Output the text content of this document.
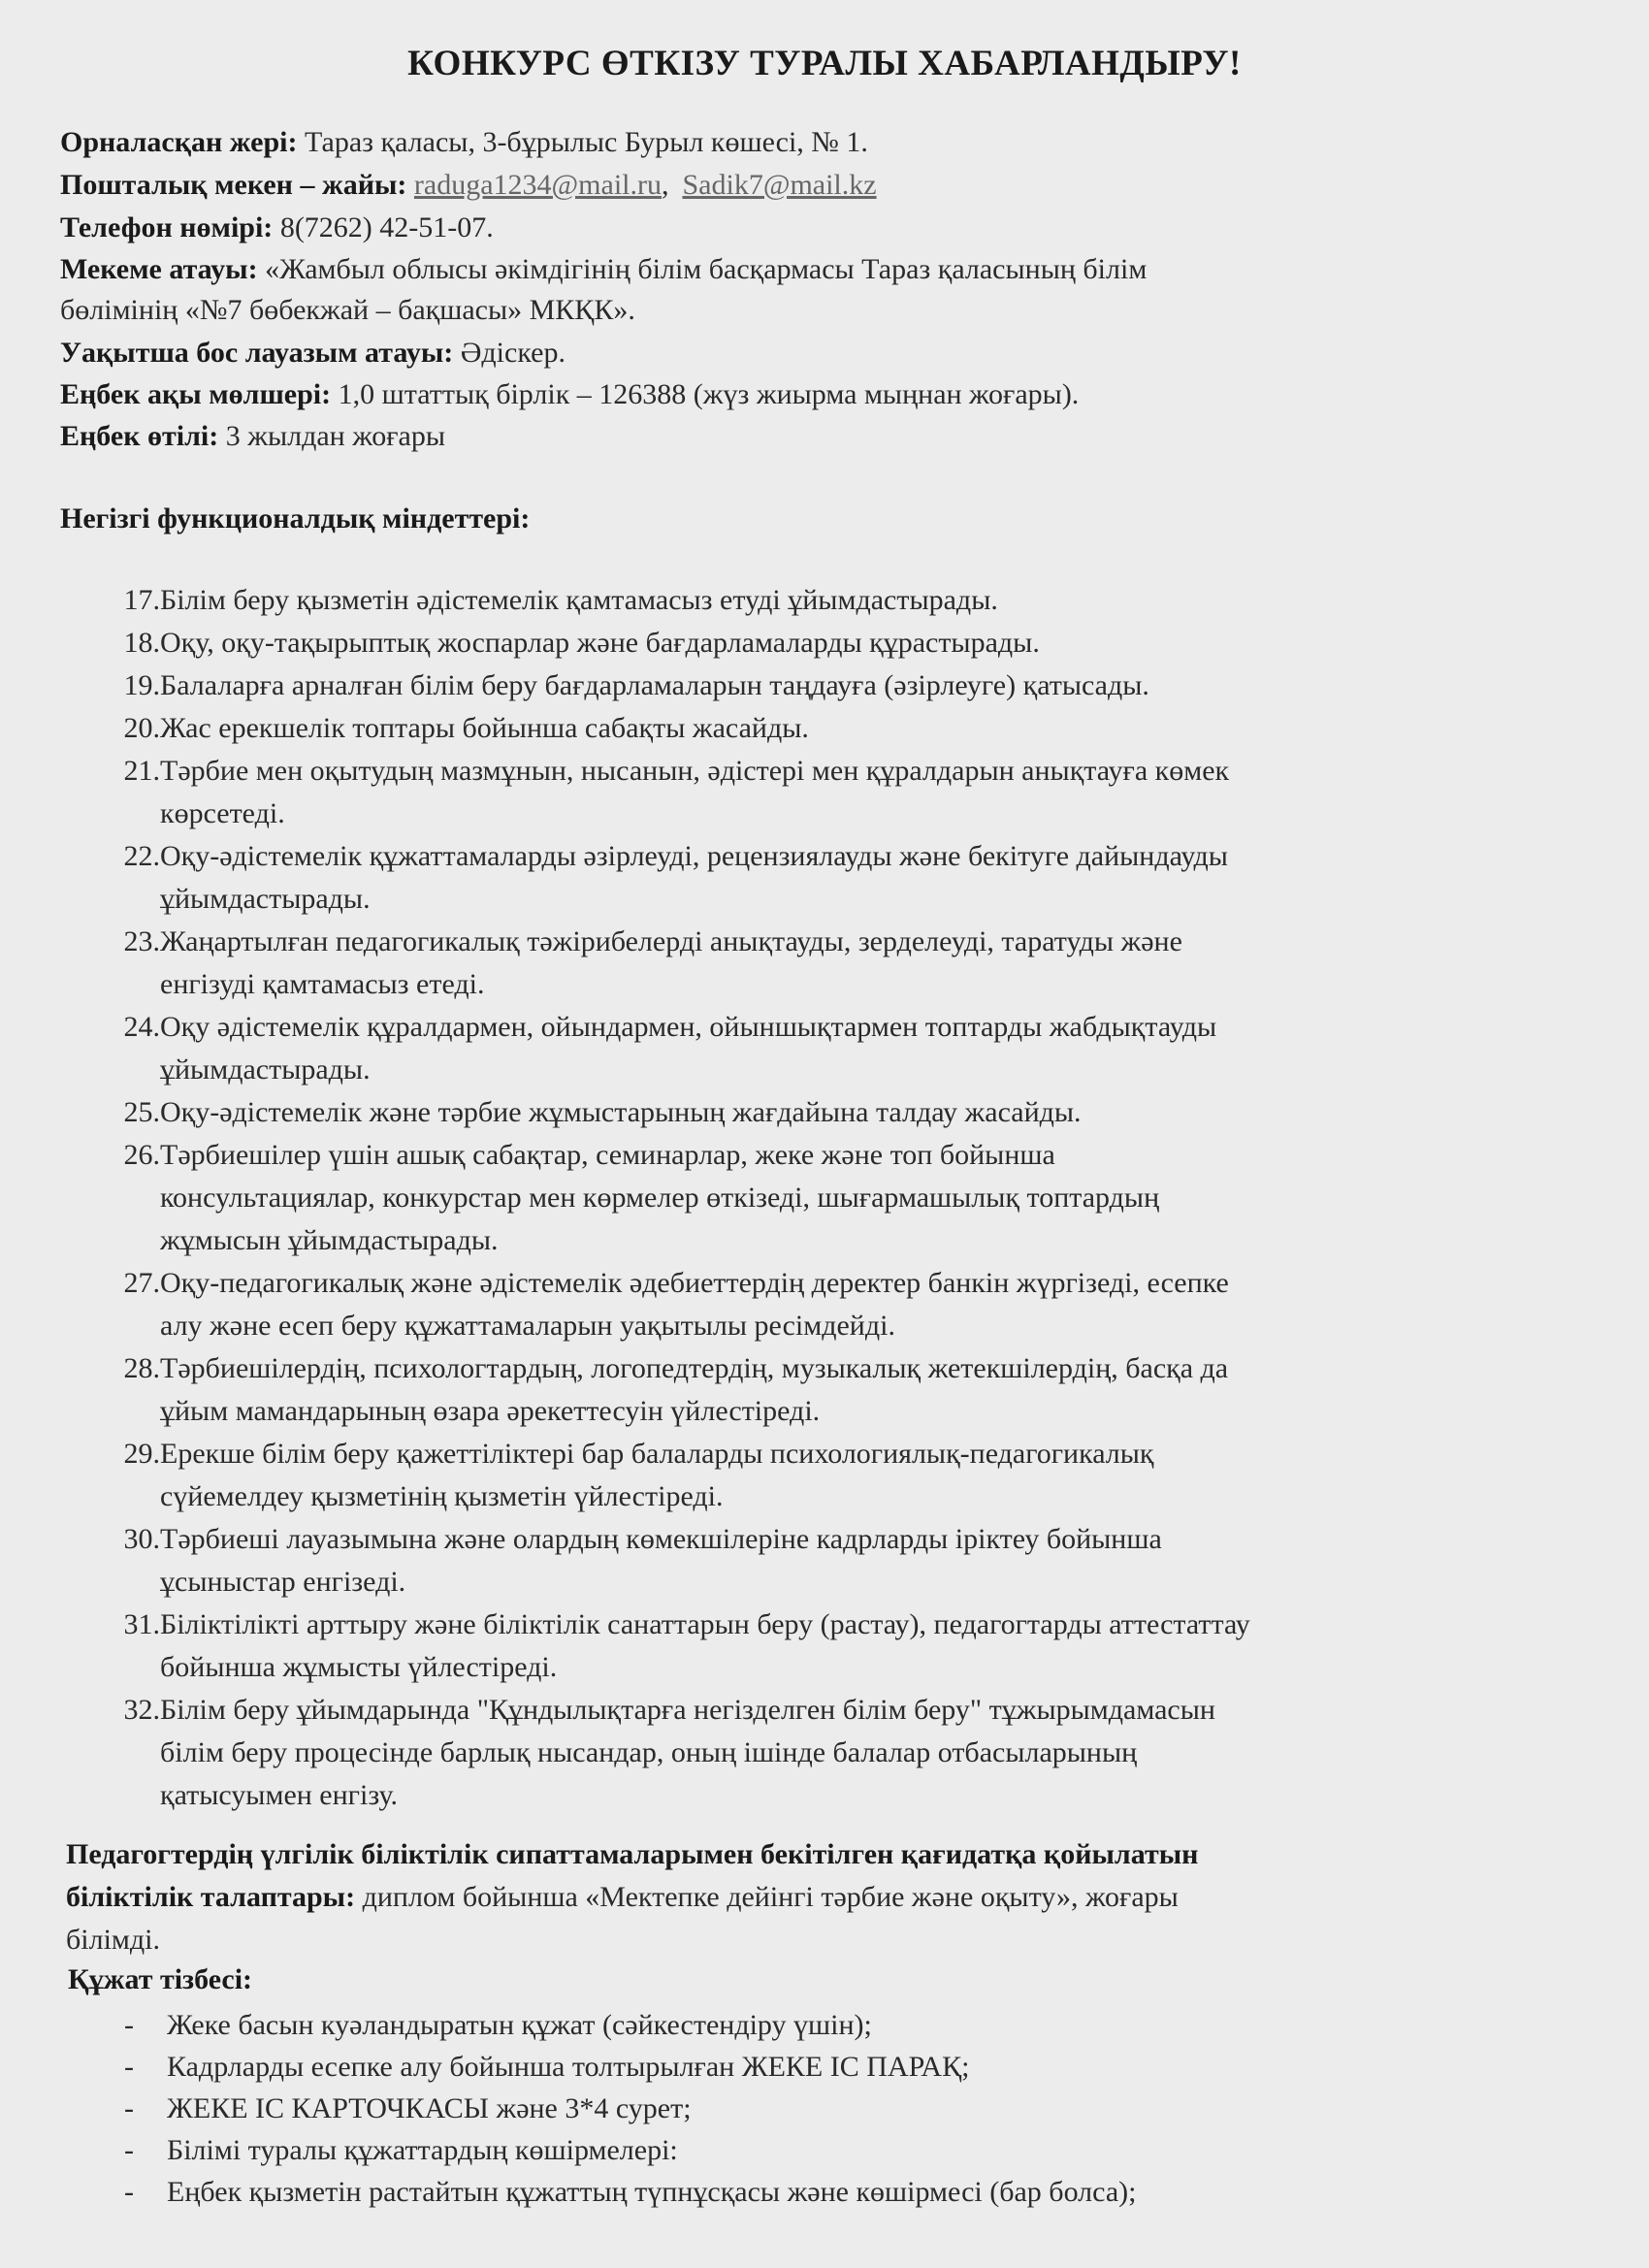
КОНКУРС ӨТКІЗУ ТУРАЛЫ ХАБАРЛАНДЫРУ!
Орналасқан жері: Тараз қаласы, 3-бұрылыс Бурыл көшесі, № 1.
Пошталық мекен – жайы: raduga1234@mail.ru, Sadik7@mail.kz
Телефон нөмірі: 8(7262) 42-51-07.
Мекеме атауы: «Жамбыл облысы әкімдігінің білім басқармасы Тараз қаласының білім
бөлімінің «№7 бөбекжай – бақшасы» МКҚК».
Уақытша бос лауазым атауы: Әдіскер.
Еңбек ақы мөлшері: 1,0 штаттық бірлік – 126388 (жүз жиырма мыңнан жоғары).
Еңбек өтілі: 3 жылдан жоғары
Негізгі функционалдық міндеттері:
17. Білім беру қызметін әдістемелік қамтамасыз етуді ұйымдастырады.
18. Оқу, оқу-тақырыптық жоспарлар және бағдарламаларды құрастырады.
19. Балаларға арналған білім беру бағдарламаларын таңдауға (әзірлеуге) қатысады.
20. Жас ерекшелік топтары бойынша сабақты жасайды.
21. Тәрбие мен оқытудың мазмұнын, нысанын, әдістері мен құралдарын анықтауға көмек
көрсетеді.
22. Оқу-әдістемелік құжаттамаларды әзірлеуді, рецензиялауды және бекітуге дайындауды
ұйымдастырады.
23. Жаңартылған педагогикалық тәжірибелерді анықтауды, зерделеуді, таратуды және
енгізуді қамтамасыз етеді.
24. Оқу әдістемелік құралдармен, ойындармен, ойыншықтармен топтарды жабдықтауды
ұйымдастырады.
25. Оқу-әдістемелік және тәрбие жұмыстарының жағдайына талдау жасайды.
26. Тәрбиешілер үшін ашық сабақтар, семинарлар, жеке және топ бойынша
консультациялар, конкурстар мен көрмелер өткізеді, шығармашылық топтардың
жұмысын ұйымдастырады.
27. Оқу-педагогикалық және әдістемелік әдебиеттердің деректер банкін жүргізеді, есепке
алу және есеп беру құжаттамаларын уақытылы ресімдейді.
28. Тәрбиешілердің, психологтардың, логопедтердің, музыкалық жетекшілердің, басқа да
ұйым мамандарының өзара әрекеттесуін үйлестіреді.
29. Ерекше білім беру қажеттіліктері бар балаларды психологиялық-педагогикалық
сүйемелдеу қызметінің қызметін үйлестіреді.
30. Тәрбиеші лауазымына және олардың көмекшілеріне кадрларды іріктеу бойынша
ұсыныстар енгізеді.
31. Біліктілікті арттыру және біліктілік санаттарын беру (растау), педагогтарды аттестаттау
бойынша жұмысты үйлестіреді.
32. Білім беру ұйымдарында "Құндылықтарға негізделген білім беру" тұжырымдамасын
білім беру процесінде барлық нысандар, оның ішінде балалар отбасыларының
қатысуымен енгізу.
Педагогтердің үлгілік біліктілік сипаттамаларымен бекітілген қағидатқа қойылатын
біліктілік талаптары: диплом бойынша «Мектепке дейінгі тәрбие және оқыту», жоғары
білімді.
Құжат тізбесі:
- Жеке басын куәландыратын құжат (сәйкестендіру үшін);
- Кадрларды есепке алу бойынша толтырылған ЖЕКЕ ІС ПАРАҚ;
- ЖЕКЕ ІС КАРТОЧКАСЫ және 3*4 сурет;
- Білімі туралы құжаттардың көшірмелері:
- Еңбек қызметін растайтын құжаттың түпнұсқасы және көшірмесі (бар болса);
